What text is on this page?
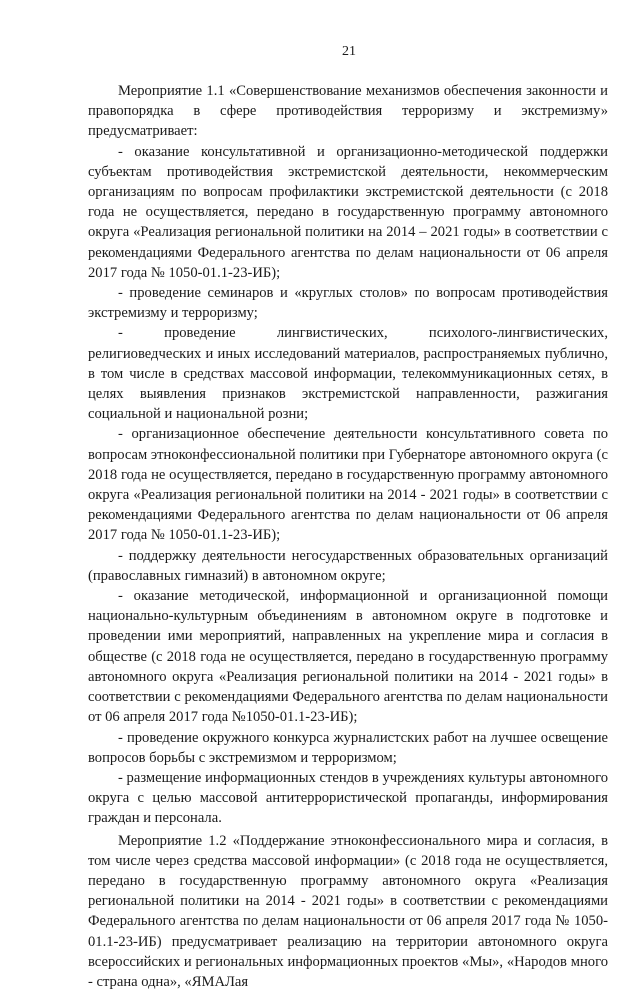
21

Мероприятие 1.1 «Совершенствование механизмов обеспечения законности и правопорядка в сфере противодействия терроризму и экстремизму» предусматривает:

- оказание консультативной и организационно-методической поддержки субъектам противодействия экстремистской деятельности, некоммерческим организациям по вопросам профилактики экстремистской деятельности (с 2018 года не осуществляется, передано в государственную программу автономного округа «Реализация региональной политики на 2014 – 2021 годы» в соответствии с рекомендациями Федерального агентства по делам национальности от 06 апреля 2017 года № 1050-01.1-23-ИБ);

- проведение семинаров и «круглых столов» по вопросам противодействия экстремизму и терроризму;

- проведение лингвистических, психолого-лингвистических, религиоведческих и иных исследований материалов, распространяемых публично, в том числе в средствах массовой информации, телекоммуникационных сетях, в целях выявления признаков экстремистской направленности, разжигания социальной и национальной розни;

- организационное обеспечение деятельности консультативного совета по вопросам этноконфессиональной политики при Губернаторе автономного округа (с 2018 года не осуществляется, передано в государственную программу автономного округа «Реализация региональной политики на 2014 - 2021 годы» в соответствии с рекомендациями Федерального агентства по делам национальности от 06 апреля 2017 года № 1050-01.1-23-ИБ);

- поддержку деятельности негосударственных образовательных организаций (православных гимназий) в автономном округе;

- оказание методической, информационной и организационной помощи национально-культурным объединениям в автономном округе в подготовке и проведении ими мероприятий, направленных на укрепление мира и согласия в обществе (с 2018 года не осуществляется, передано в государственную программу автономного округа «Реализация региональной политики на 2014 - 2021 годы» в соответствии с рекомендациями Федерального агентства по делам национальности от 06 апреля 2017 года №1050-01.1-23-ИБ);

- проведение окружного конкурса журналистских работ на лучшее освещение вопросов борьбы с экстремизмом и терроризмом;

- размещение информационных стендов в учреждениях культуры автономного округа с целью массовой антитеррористической пропаганды, информирования граждан и персонала.

Мероприятие 1.2 «Поддержание этноконфессионального мира и согласия, в том числе через средства массовой информации» (с 2018 года не осуществляется, передано в государственную программу автономного округа «Реализация региональной политики на 2014 - 2021 годы» в соответствии с рекомендациями Федерального агентства по делам национальности от 06 апреля 2017 года № 1050-01.1-23-ИБ) предусматривает реализацию на территории автономного округа всероссийских и региональных информационных проектов «Мы», «Народов много - страна одна», «ЯМАЛая
